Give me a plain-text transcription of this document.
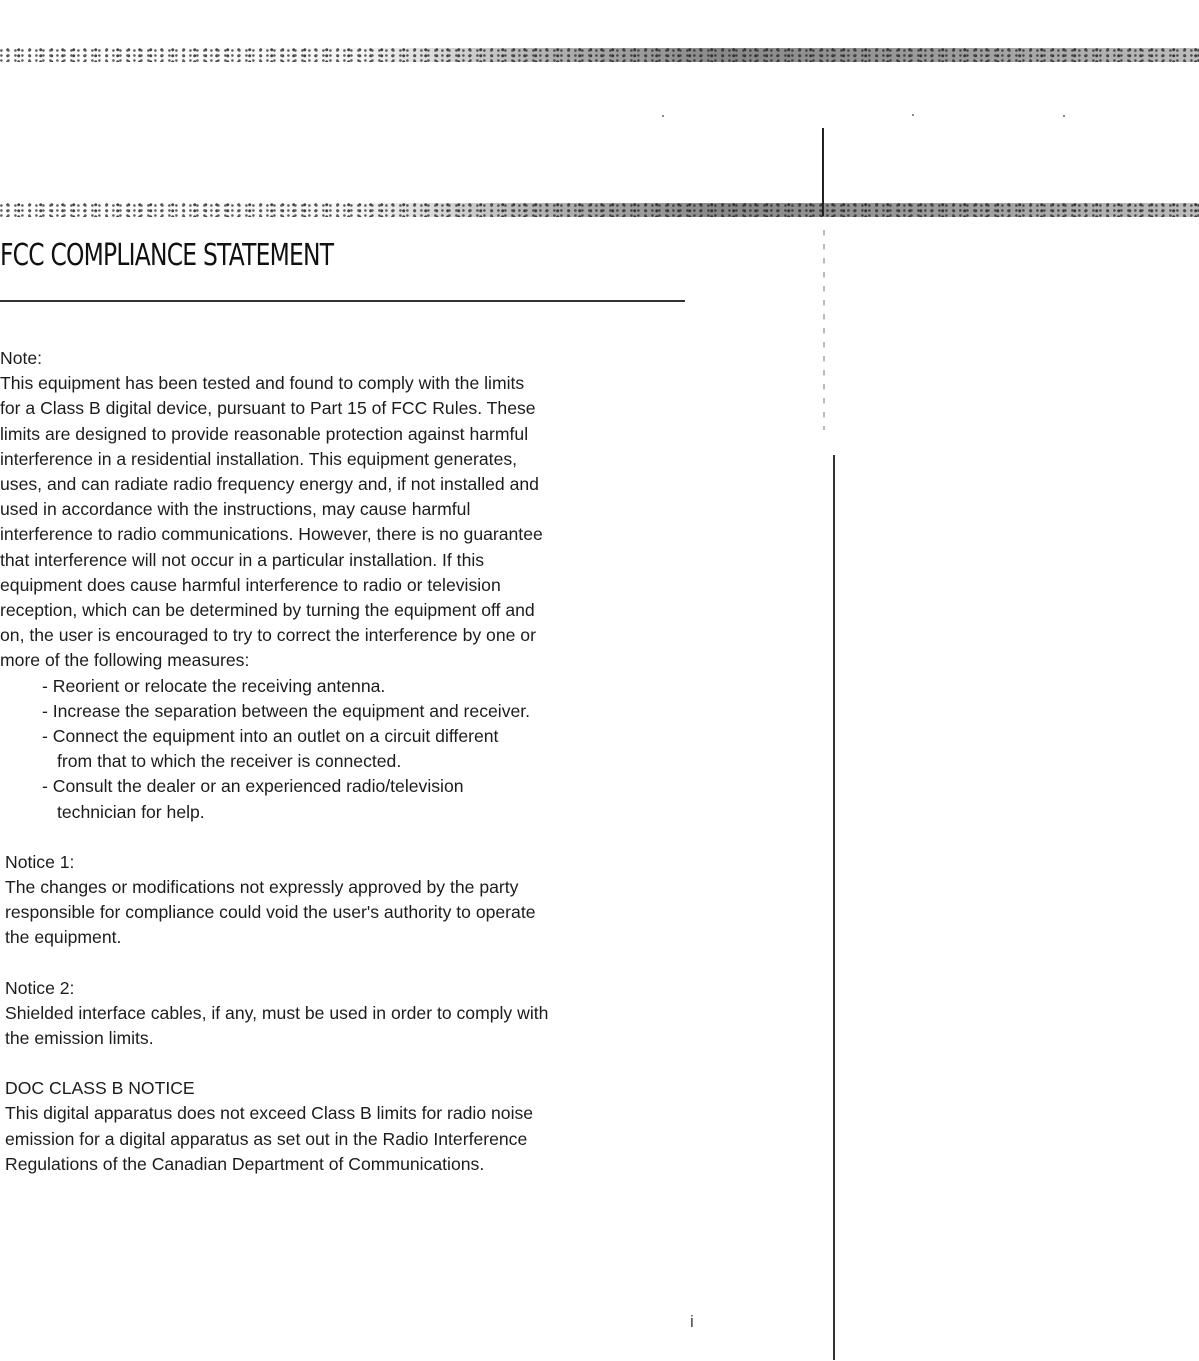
FCC COMPLIANCE STATEMENT
Note:
This equipment has been tested and found to comply with the limits
for a Class B digital device, pursuant to Part 15 of FCC Rules. These
limits are designed to provide reasonable protection against harmful
interference in a residential installation. This equipment generates,
uses, and can radiate radio frequency energy and, if not installed and
used in accordance with the instructions, may cause harmful
interference to radio communications. However, there is no guarantee
that interference will not occur in a particular installation. If this
equipment does cause harmful interference to radio or television
reception, which can be determined by turning the equipment off and
on, the user is encouraged to try to correct the interference by one or
more of the following measures:
- Reorient or relocate the receiving antenna.
- Increase the separation between the equipment and receiver.
- Connect the equipment into an outlet on a circuit different
from that to which the receiver is connected.
- Consult the dealer or an experienced radio/television
technician for help.
Notice 1:
The changes or modifications not expressly approved by the party
responsible for compliance could void the user's authority to operate
the equipment.
Notice 2:
Shielded interface cables, if any, must be used in order to comply with
the emission limits.
DOC CLASS B NOTICE
This digital apparatus does not exceed Class B limits for radio noise
emission for a digital apparatus as set out in the Radio Interference
Regulations of the Canadian Department of Communications.
i
